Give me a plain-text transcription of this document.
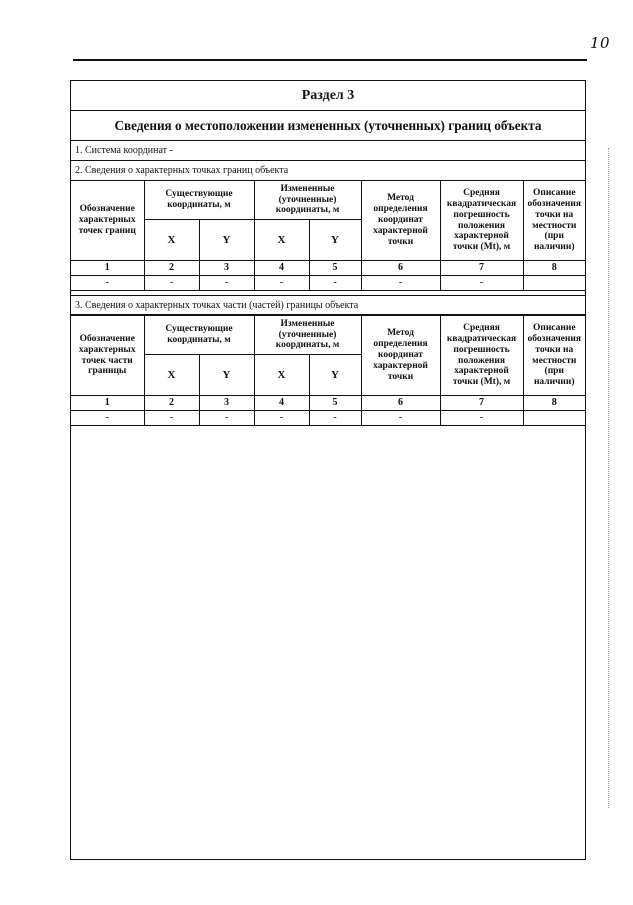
10
Раздел 3
Сведения о местоположении измененных (уточненных) границ объекта
1. Система координат -
2. Сведения о характерных точках границ объекта
Обозначение характерных точек границ	Существующие координаты, м		Измененные (уточненные) координаты, м		Метод определения координат характерной точки	Средняя квадратическая погрешность положения характерной точки (Mt), м	Описание обозначения точки на местности (при наличии)
	X	Y	X	Y			
1	2	3	4	5	6	7	8
-	-	-	-	-	-	-	
3. Сведения о характерных точках части (частей) границы объекта
Обозначение характерных точек части границы	Существующие координаты, м		Измененные (уточненные) координаты, м		Метод определения координат характерной точки	Средняя квадратическая погрешность положения характерной точки (Mt), м	Описание обозначения точки на местности (при наличии)
	X	Y	X	Y			
1	2	3	4	5	6	7	8
-	-	-	-	-	-	-	
